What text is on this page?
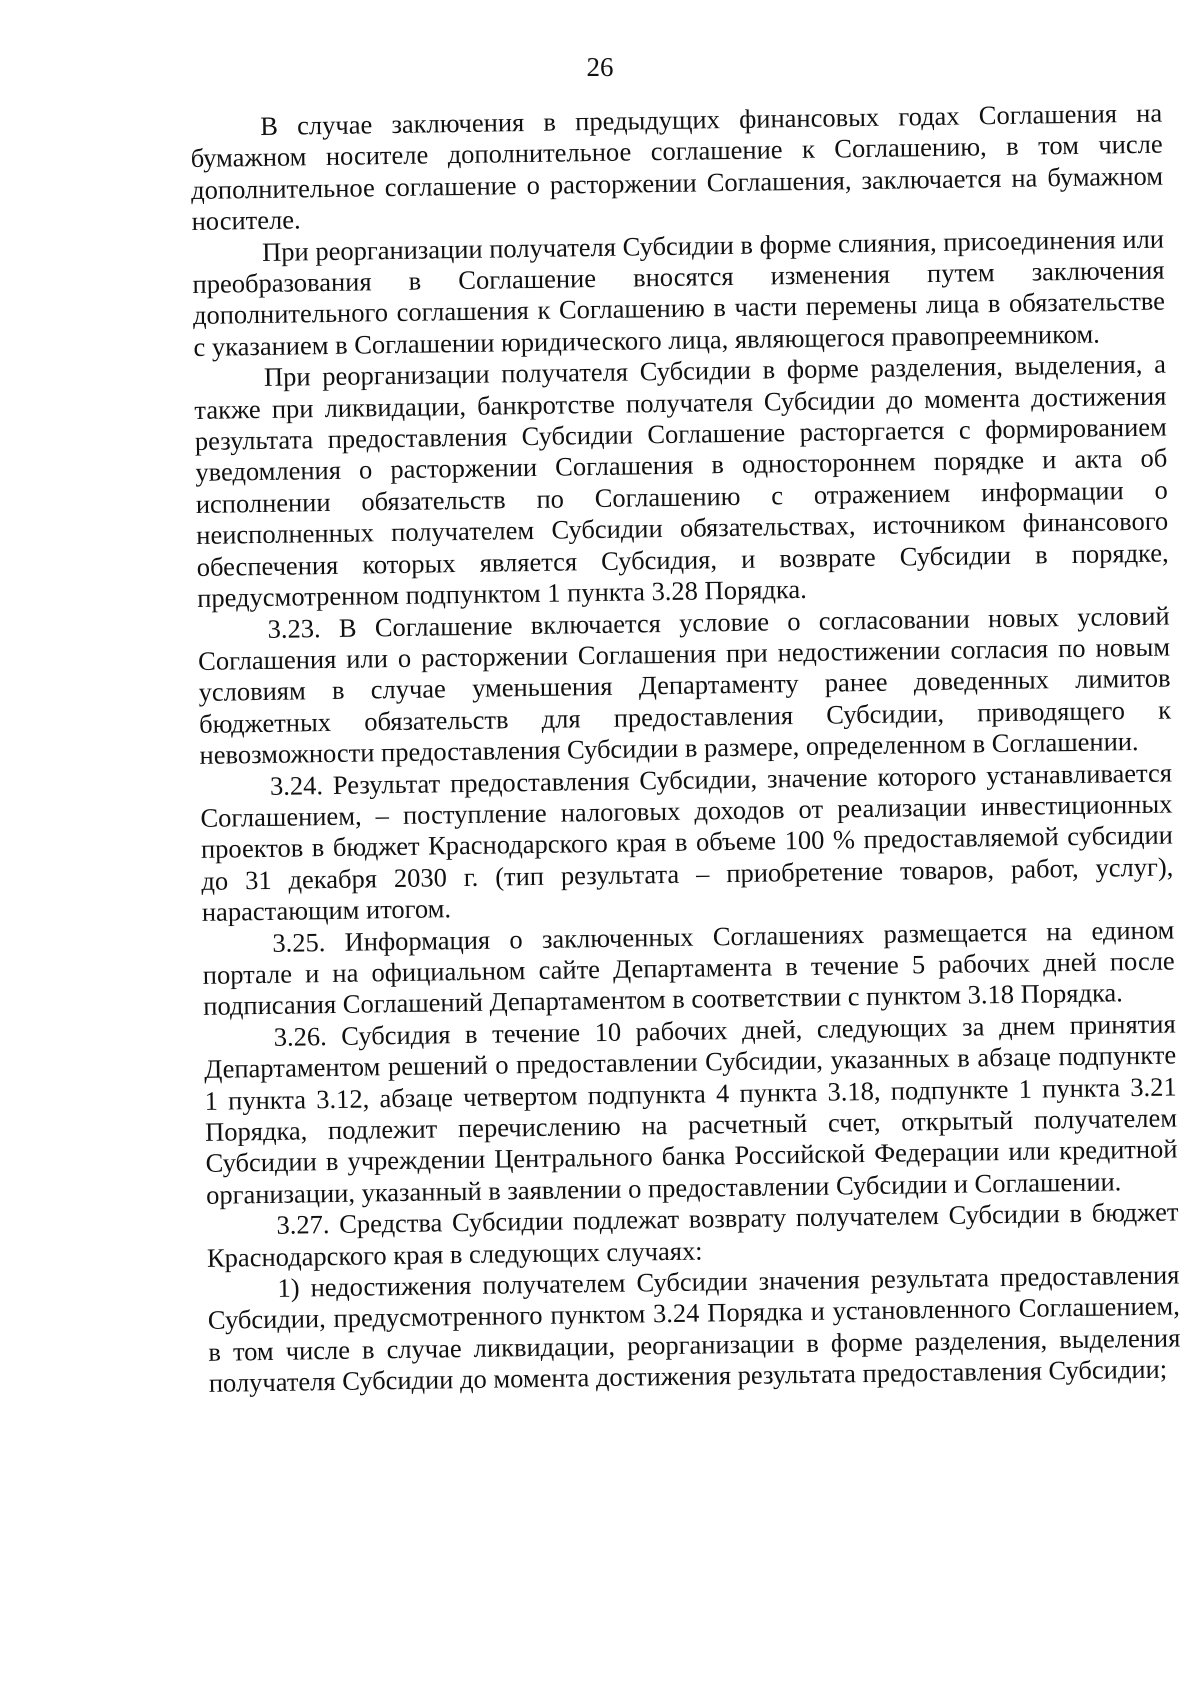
26

В случае заключения в предыдущих финансовых годах Соглашения на бумажном носителе дополнительное соглашение к Соглашению, в том числе дополнительное соглашение о расторжении Соглашения, заключается на бумажном носителе.

При реорганизации получателя Субсидии в форме слияния, присоединения или преобразования в Соглашение вносятся изменения путем заключения дополнительного соглашения к Соглашению в части перемены лица в обязательстве с указанием в Соглашении юридического лица, являющегося правопреемником.

При реорганизации получателя Субсидии в форме разделения, выделения, а также при ликвидации, банкротстве получателя Субсидии до момента достижения результата предоставления Субсидии Соглашение расторгается с формированием уведомления о расторжении Соглашения в одностороннем порядке и акта об исполнении обязательств по Соглашению с отражением информации о неисполненных получателем Субсидии обязательствах, источником финансового обеспечения которых является Субсидия, и возврате Субсидии в порядке, предусмотренном подпунктом 1 пункта 3.28 Порядка.

3.23. В Соглашение включается условие о согласовании новых условий Соглашения или о расторжении Соглашения при недостижении согласия по новым условиям в случае уменьшения Департаменту ранее доведенных лимитов бюджетных обязательств для предоставления Субсидии, приводящего к невозможности предоставления Субсидии в размере, определенном в Соглашении.

3.24. Результат предоставления Субсидии, значение которого устанавливается Соглашением, – поступление налоговых доходов от реализации инвестиционных проектов в бюджет Краснодарского края в объеме 100 % предоставляемой субсидии до 31 декабря 2030 г. (тип результата – приобретение товаров, работ, услуг), нарастающим итогом.

3.25. Информация о заключенных Соглашениях размещается на едином портале и на официальном сайте Департамента в течение 5 рабочих дней после подписания Соглашений Департаментом в соответствии с пунктом 3.18 Порядка.

3.26. Субсидия в течение 10 рабочих дней, следующих за днем принятия Департаментом решений о предоставлении Субсидии, указанных в абзаце подпункте 1 пункта 3.12, абзаце четвертом подпункта 4 пункта 3.18, подпункте 1 пункта 3.21 Порядка, подлежит перечислению на расчетный счет, открытый получателем Субсидии в учреждении Центрального банка Российской Федерации или кредитной организации, указанный в заявлении о предоставлении Субсидии и Соглашении.

3.27. Средства Субсидии подлежат возврату получателем Субсидии в бюджет Краснодарского края в следующих случаях:

1) недостижения получателем Субсидии значения результата предоставления Субсидии, предусмотренного пунктом 3.24 Порядка и установленного Соглашением, в том числе в случае ликвидации, реорганизации в форме разделения, выделения получателя Субсидии до момента достижения результата предоставления Субсидии;
